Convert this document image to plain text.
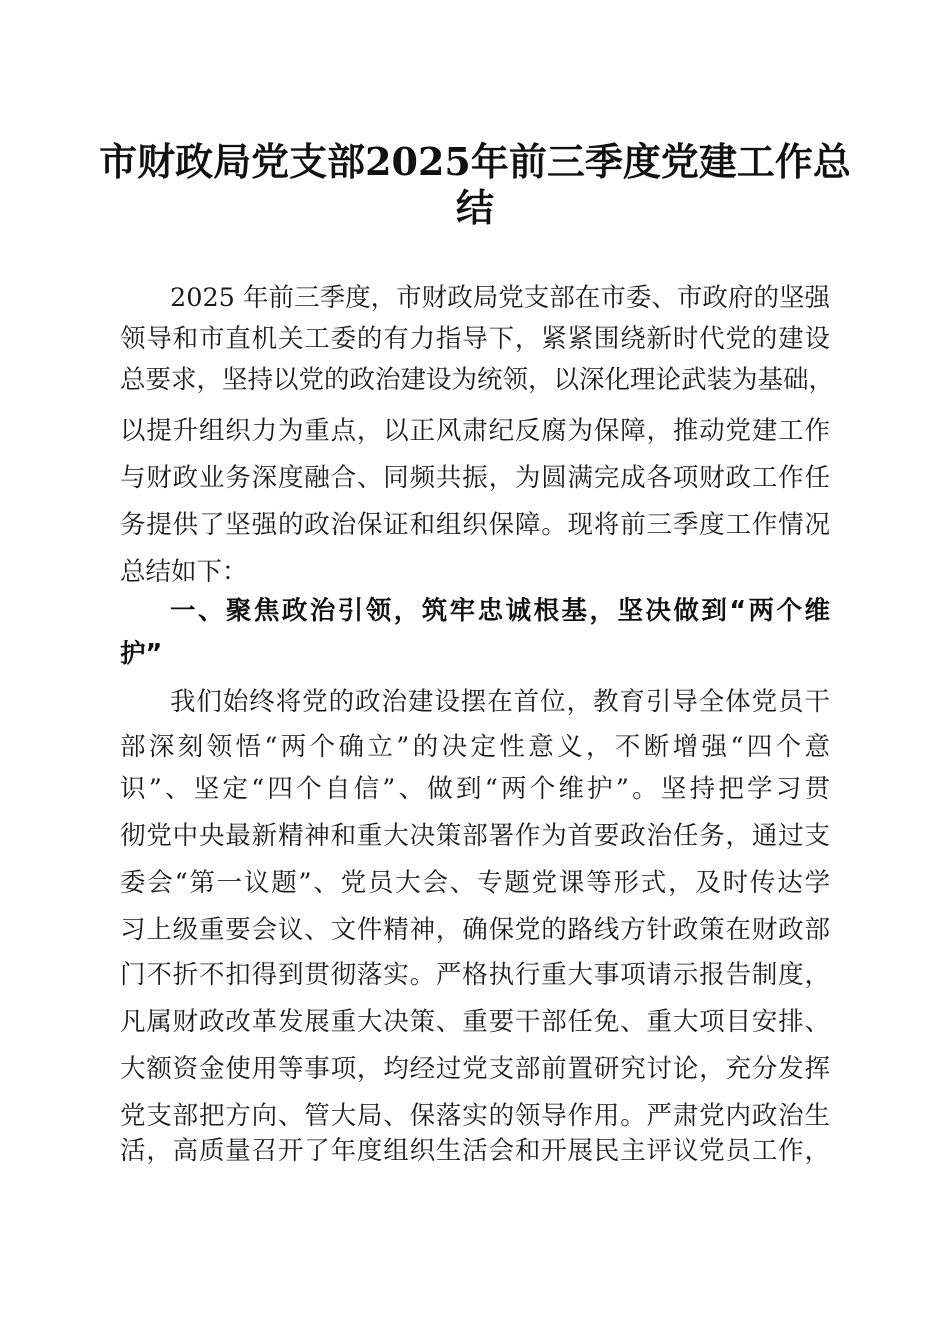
市财政局党支部2025年前三季度党建工作总
结
2025 年前三季度，市财政局党支部在市委、市政府的坚强
领导和市直机关工委的有力指导下，紧紧围绕新时代党的建设
总要求，坚持以党的政治建设为统领，以深化理论武装为基础，
以提升组织力为重点，以正风肃纪反腐为保障，推动党建工作
与财政业务深度融合、同频共振，为圆满完成各项财政工作任
务提供了坚强的政治保证和组织保障。现将前三季度工作情况
总结如下：
一、聚焦政治引领，筑牢忠诚根基，坚决做到“两个维
护”
我们始终将党的政治建设摆在首位，教育引导全体党员干
部深刻领悟“两个确立”的决定性意义，不断增强“四个意
识”、坚定“四个自信”、做到“两个维护”。坚持把学习贯
彻党中央最新精神和重大决策部署作为首要政治任务，通过支
委会“第一议题”、党员大会、专题党课等形式，及时传达学
习上级重要会议、文件精神，确保党的路线方针政策在财政部
门不折不扣得到贯彻落实。严格执行重大事项请示报告制度，
凡属财政改革发展重大决策、重要干部任免、重大项目安排、
大额资金使用等事项，均经过党支部前置研究讨论，充分发挥
党支部把方向、管大局、保落实的领导作用。严肃党内政治生
活，高质量召开了年度组织生活会和开展民主评议党员工作，
